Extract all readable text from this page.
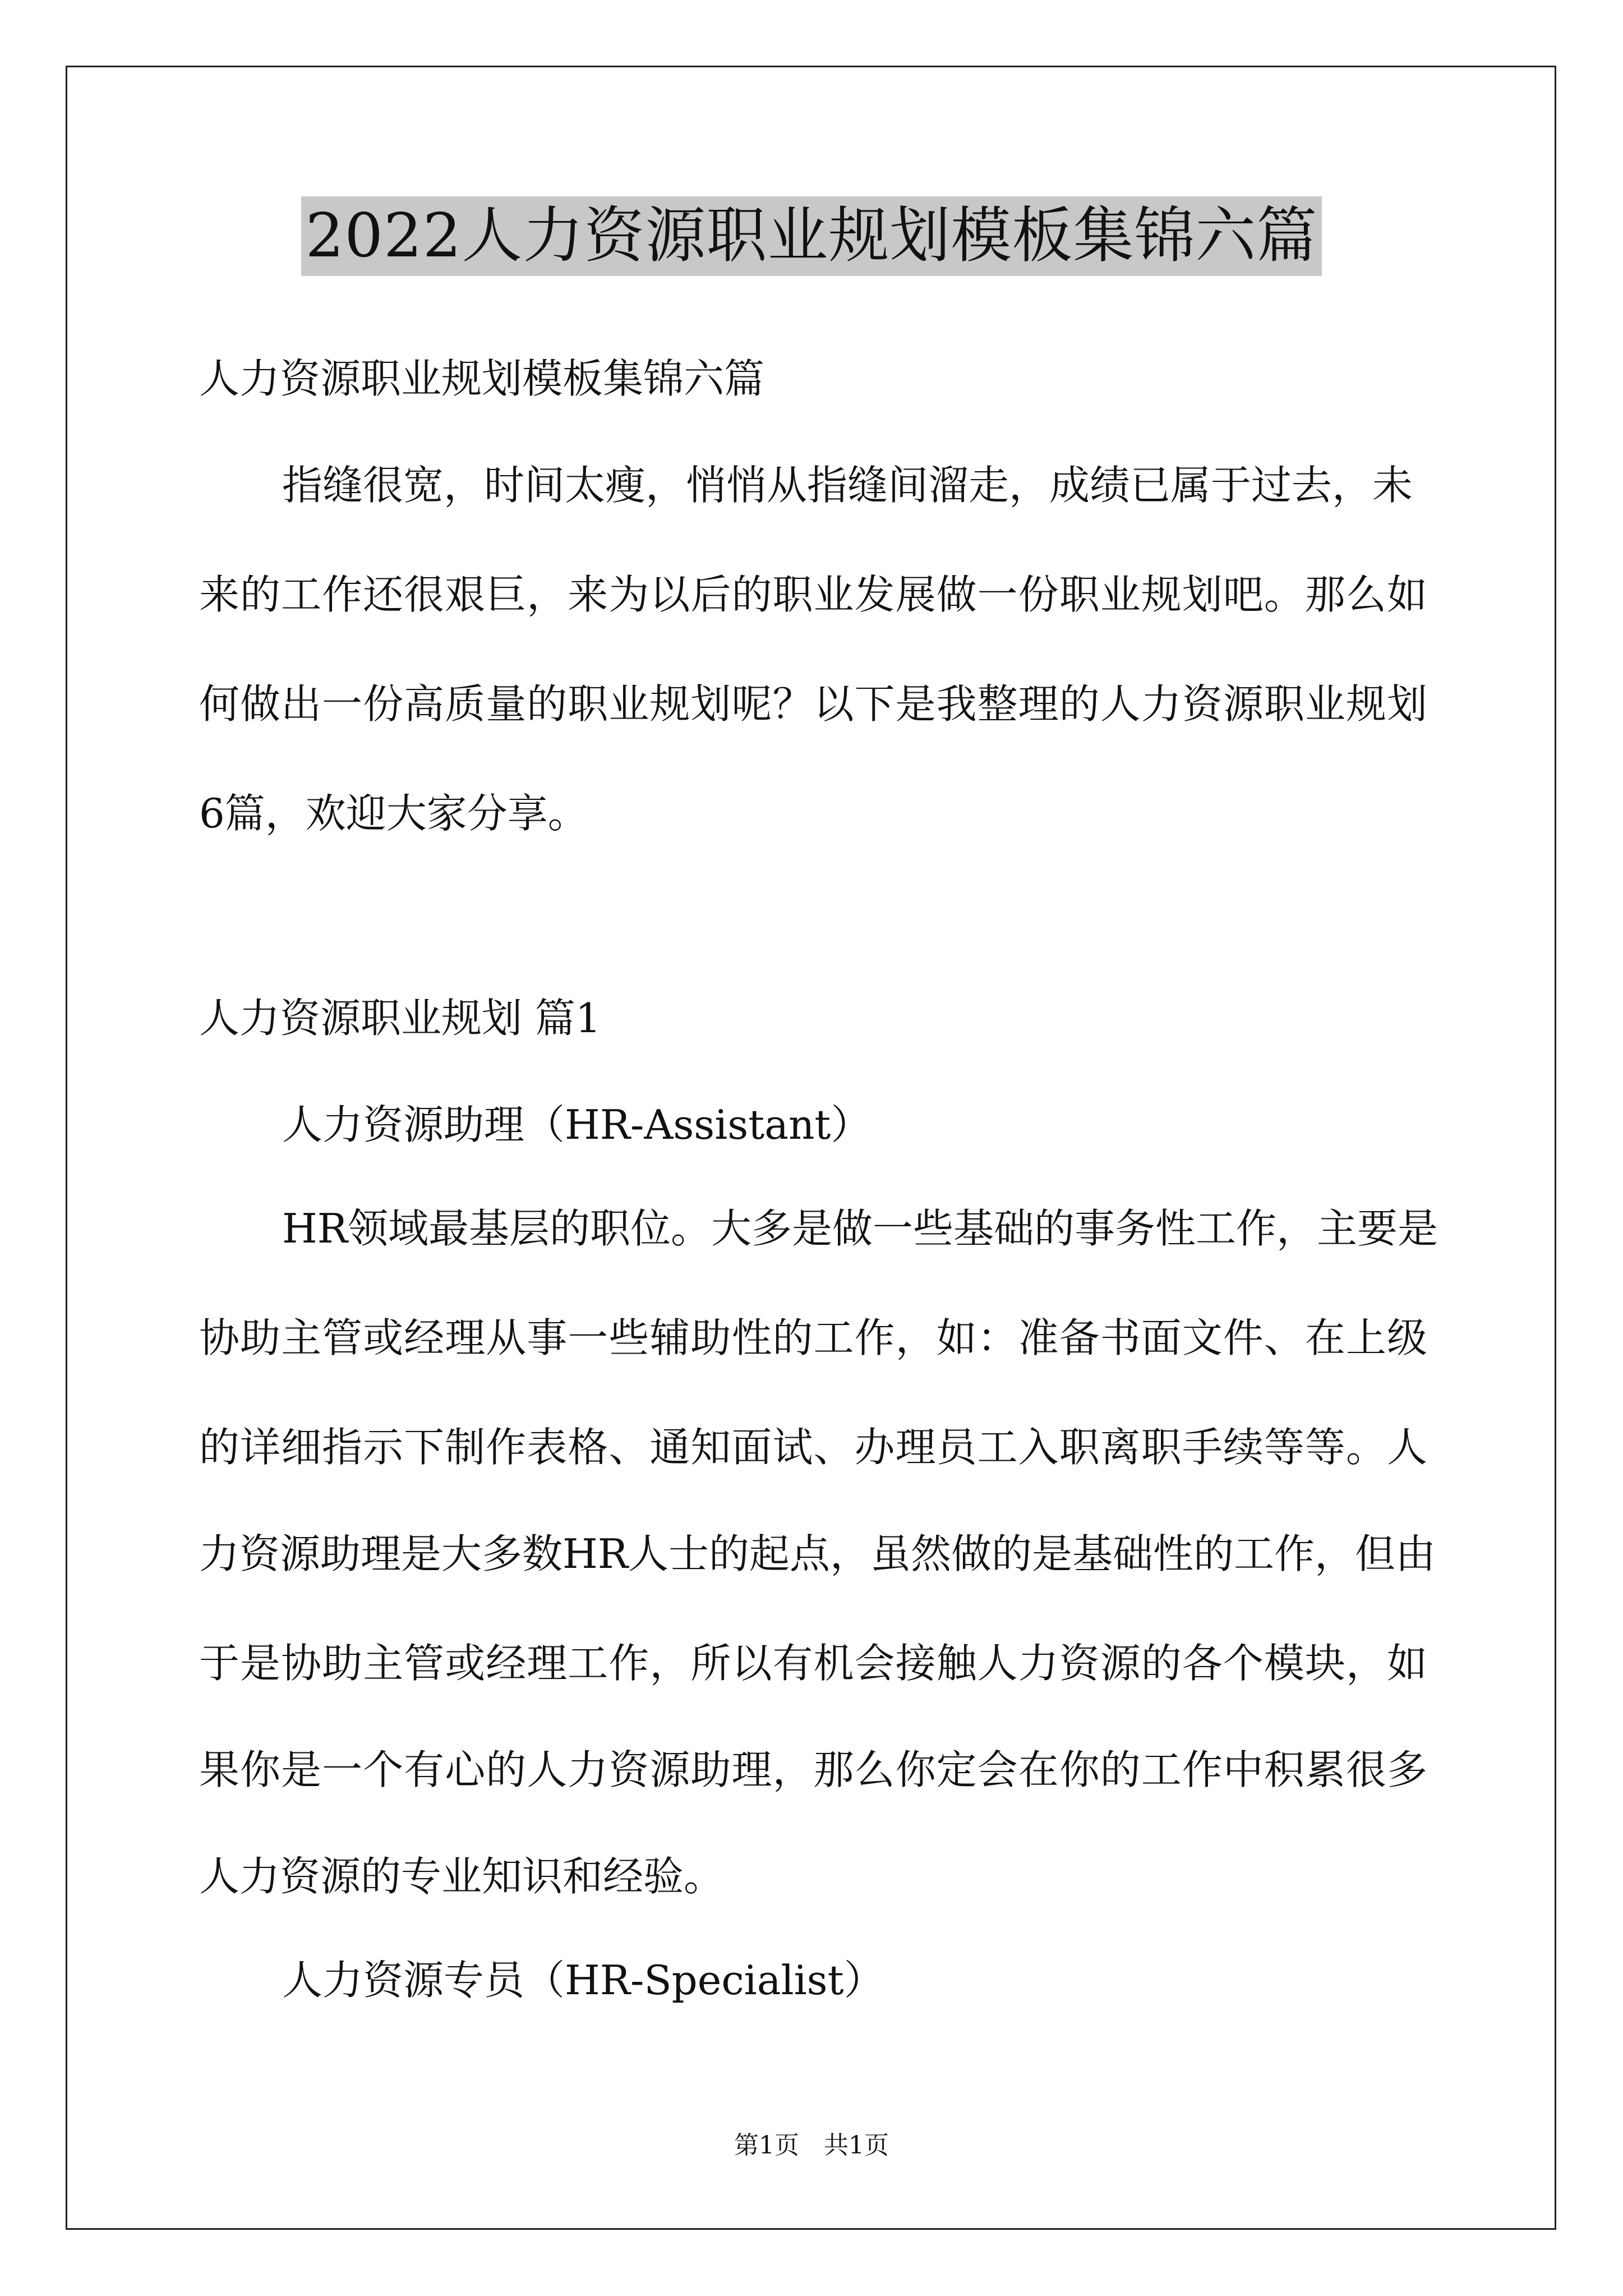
2022人力资源职业规划模板集锦六篇
人力资源职业规划模板集锦六篇
指缝很宽，时间太瘦，悄悄从指缝间溜走，成绩已属于过去，未
来的工作还很艰巨，来为以后的职业发展做一份职业规划吧。那么如
何做出一份高质量的职业规划呢？以下是我整理的人力资源职业规划
6篇，欢迎大家分享。
人力资源职业规划 篇1
人力资源助理（HR-Assistant）
HR领域最基层的职位。大多是做一些基础的事务性工作，主要是
协助主管或经理从事一些辅助性的工作，如：准备书面文件、在上级
的详细指示下制作表格、通知面试、办理员工入职离职手续等等。人
力资源助理是大多数HR人士的起点，虽然做的是基础性的工作，但由
于是协助主管或经理工作，所以有机会接触人力资源的各个模块，如
果你是一个有心的人力资源助理，那么你定会在你的工作中积累很多
人力资源的专业知识和经验。
人力资源专员（HR-Specialist）
第1页　共1页
